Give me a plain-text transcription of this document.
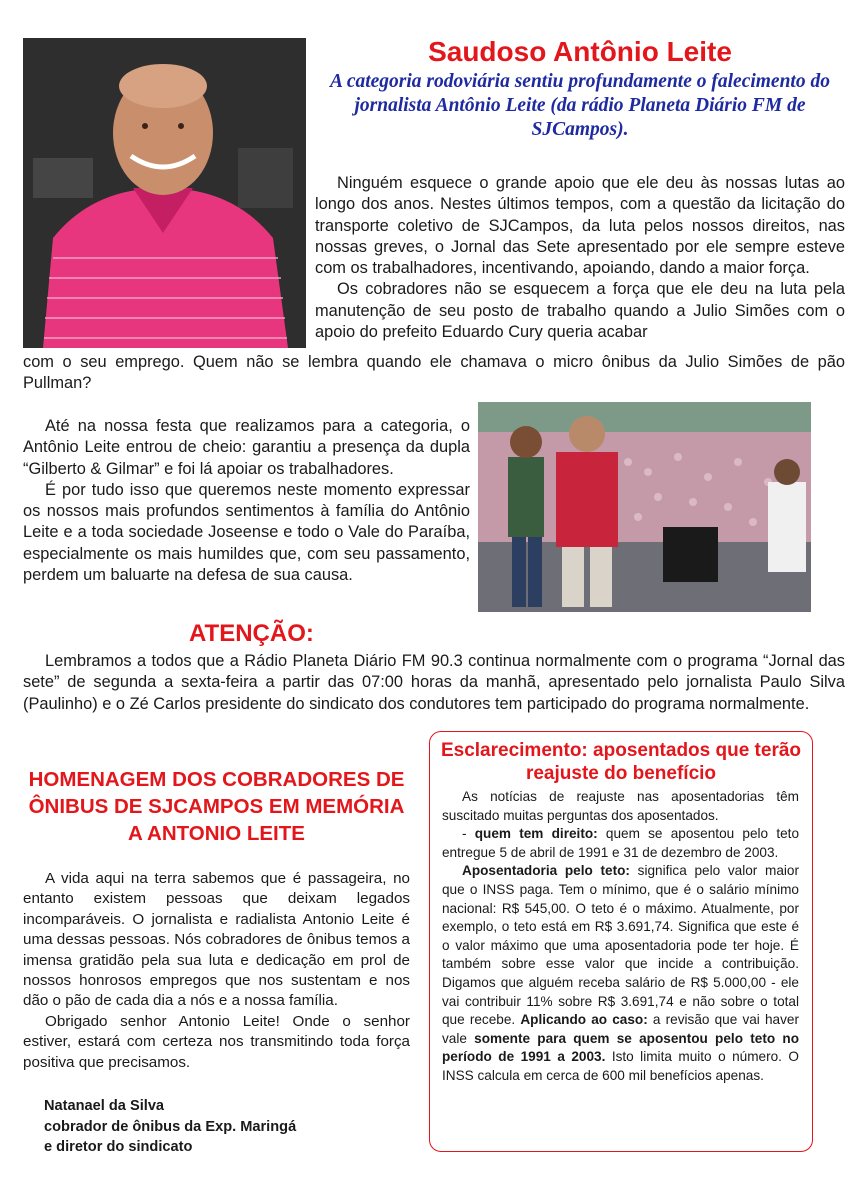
Saudoso Antônio Leite
A categoria rodoviária sentiu profundamente o falecimento do jornalista Antônio Leite (da rádio Planeta Diário FM de SJCampos).

Ninguém esquece o grande apoio que ele deu às nossas lutas ao longo dos anos. Nestes últimos tempos, com a questão da licitação do transporte coletivo de SJCampos, da luta pelos nossos direitos, nas nossas greves, o Jornal das Sete apresentado por ele sempre esteve com os trabalhadores, incentivando, apoiando, dando a maior força.

Os cobradores não se esquecem a força que ele deu na luta pela manutenção de seu posto de trabalho quando a Julio Simões com o apoio do prefeito Eduardo Cury queria acabar

com o seu emprego. Quem não se lembra quando ele chamava o micro ônibus da Julio Simões de pão Pullman?

Até na nossa festa que realizamos para a categoria, o Antônio Leite entrou de cheio: garantiu a presença da dupla “Gilberto & Gilmar” e foi lá apoiar os trabalhadores.

É por tudo isso que queremos neste momento expressar os nossos mais profundos sentimentos à família do Antônio Leite e a toda sociedade Joseense e todo o Vale do Paraíba, especialmente os mais humildes que, com seu passamento, perdem um baluarte na defesa de sua causa.

ATENÇÃO:
Lembramos a todos que a Rádio Planeta Diário FM 90.3 continua normalmente com o programa “Jornal das sete” de segunda a sexta-feira a partir das 07:00 horas da manhã, apresentado pelo jornalista Paulo Silva (Paulinho) e o Zé Carlos presidente do sindicato dos condutores tem participado do programa normalmente.
HOMENAGEM DOS COBRADORES DE ÔNIBUS DE SJCAMPOS EM MEMÓRIA A ANTONIO LEITE

A vida aqui na terra sabemos que é passageira, no entanto existem pessoas que deixam legados incomparáveis. O jornalista e radialista Antonio Leite é uma dessas pessoas. Nós cobradores de ônibus temos a imensa gratidão pela sua luta e dedicação em prol de nossos honrosos empregos que nos sustentam e nos dão o pão de cada dia a nós e a nossa família.

Obrigado senhor Antonio Leite! Onde o senhor estiver, estará com certeza nos transmitindo toda força positiva que precisamos.

Natanael da Silva
cobrador de ônibus da Exp. Maringá
e diretor do sindicato
Esclarecimento: aposentados que terão reajuste do benefício

As notícias de reajuste nas aposentadorias têm suscitado muitas perguntas dos aposentados.

- quem tem direito: quem se aposentou pelo teto entregue 5 de abril de 1991 e 31 de dezembro de 2003.

Aposentadoria pelo teto: significa pelo valor maior que o INSS paga. Tem o mínimo, que é o salário mínimo nacional: R$ 545,00. O teto é o máximo. Atualmente, por exemplo, o teto está em R$ 3.691,74. Significa que este é o valor máximo que uma aposentadoria pode ter hoje. É também sobre esse valor que incide a contribuição. Digamos que alguém receba salário de R$ 5.000,00 - ele vai contribuir 11% sobre R$ 3.691,74 e não sobre o total que recebe. Aplicando ao caso: a revisão que vai haver vale somente para quem se aposentou pelo teto no período de 1991 a 2003. Isto limita muito o número. O INSS calcula em cerca de 600 mil benefícios apenas.
